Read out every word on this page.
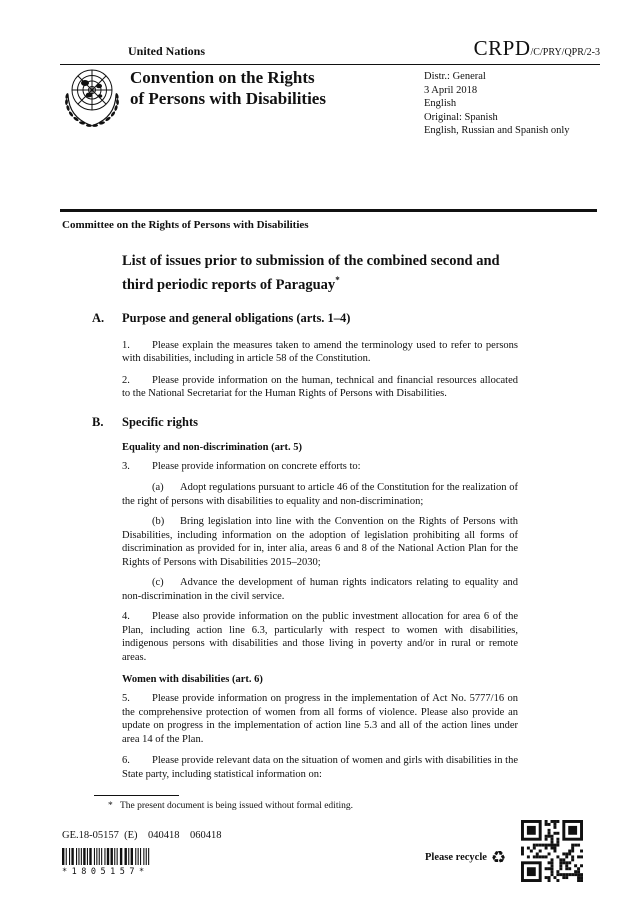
United Nations	CRPD/C/PRY/QPR/2-3
Convention on the Rights
of Persons with Disabilities
Distr.: General
3 April 2018
English
Original: Spanish
English, Russian and Spanish only
Committee on the Rights of Persons with Disabilities
List of issues prior to submission of the combined second and third periodic reports of Paraguay*
A.	Purpose and general obligations (arts. 1–4)

1. Please explain the measures taken to amend the terminology used to refer to persons with disabilities, including in article 58 of the Constitution.

2. Please provide information on the human, technical and financial resources allocated to the National Secretariat for the Human Rights of Persons with Disabilities.

B.	Specific rights
Equality and non-discrimination (art. 5)

3. Please provide information on concrete efforts to:

(a) Adopt regulations pursuant to article 46 of the Constitution for the realization of the right of persons with disabilities to equality and non-discrimination;

(b) Bring legislation into line with the Convention on the Rights of Persons with Disabilities, including information on the adoption of legislation prohibiting all forms of discrimination as provided for in, inter alia, areas 6 and 8 of the National Action Plan for the Rights of Persons with Disabilities 2015–2030;

(c) Advance the development of human rights indicators relating to equality and non-discrimination in the civil service.

4. Please also provide information on the public investment allocation for area 6 of the Plan, including action line 6.3, particularly with respect to women with disabilities, indigenous persons with disabilities and those living in poverty and/or in rural or remote areas.

Women with disabilities (art. 6)

5. Please provide information on progress in the implementation of Act No. 5777/16 on the comprehensive protection of women from all forms of violence. Please also provide an update on progress in the implementation of action line 5.3 and all of the action lines under area 14 of the Plan.

6. Please provide relevant data on the situation of women and girls with disabilities in the State party, including statistical information on:

* The present document is being issued without formal editing.
GE.18-05157  (E)    040418    060418
*1805157*
Please recycle ♻
